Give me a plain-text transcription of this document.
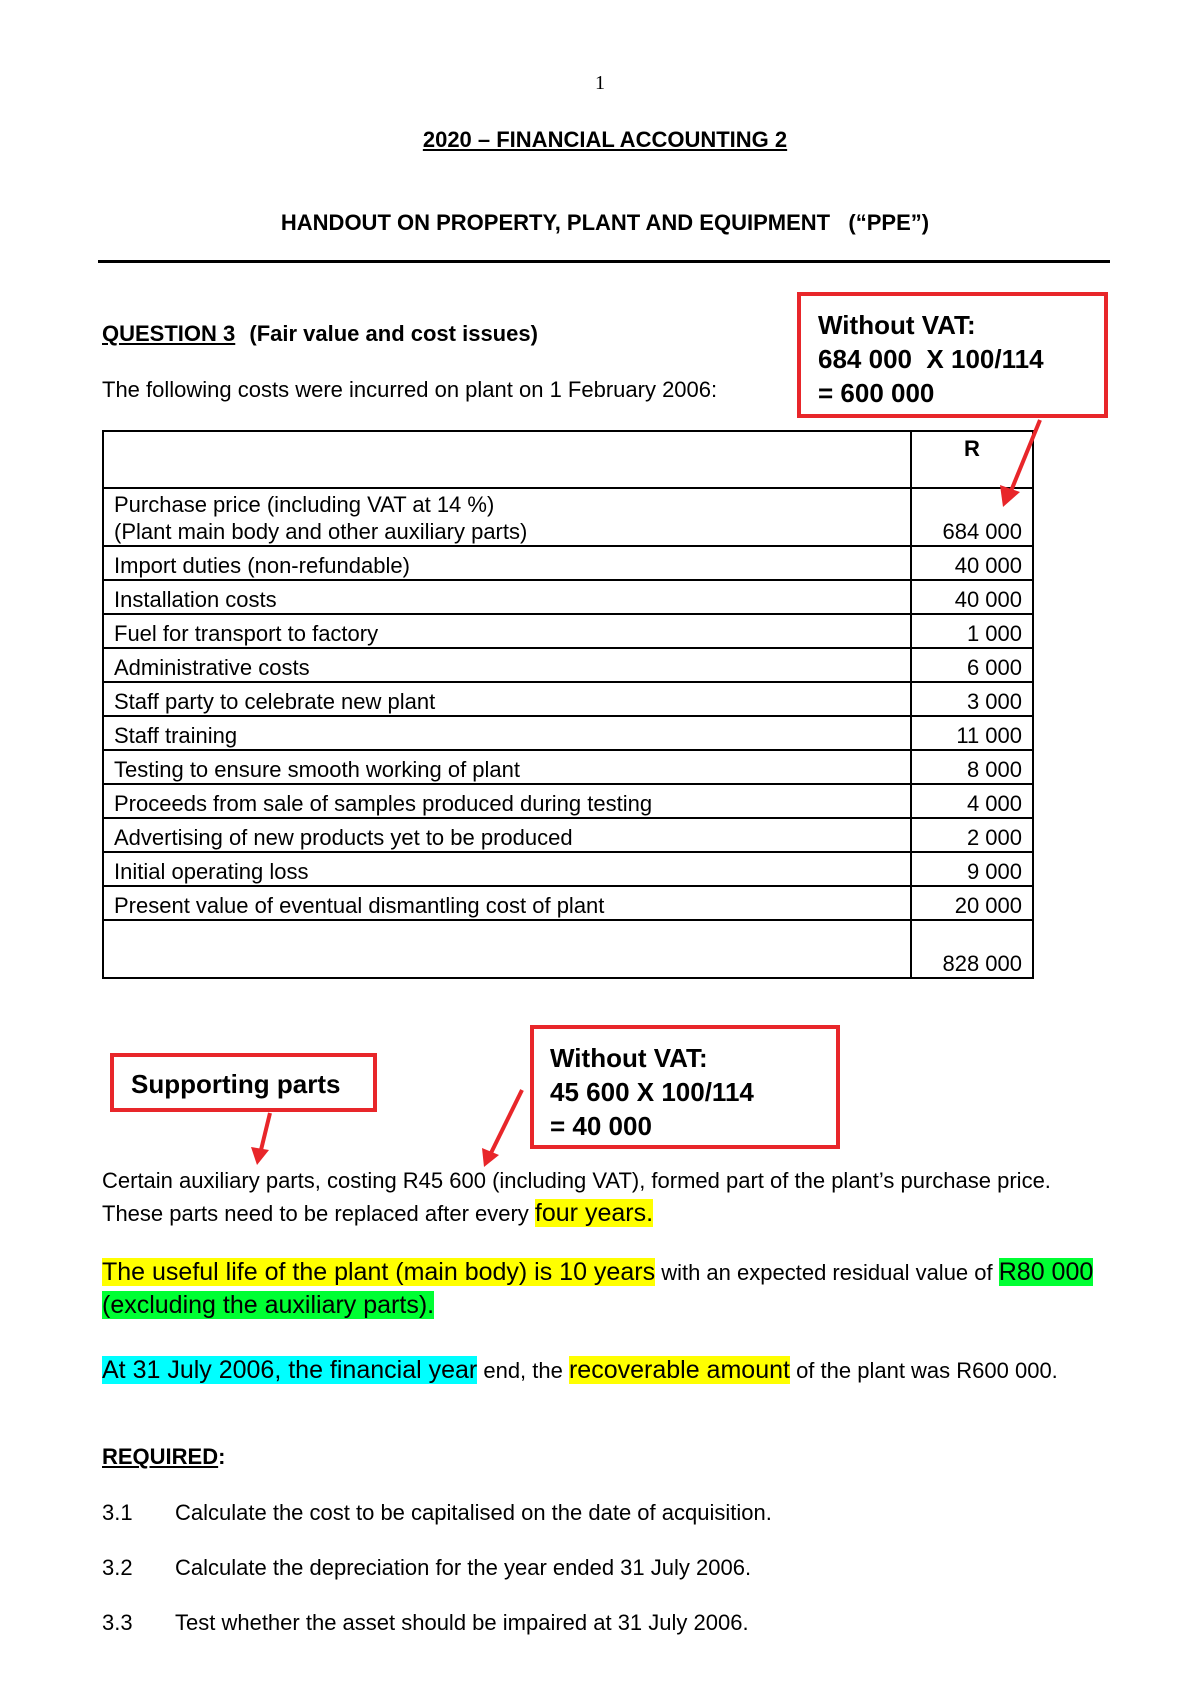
1
2020 – FINANCIAL ACCOUNTING 2
HANDOUT ON PROPERTY, PLANT AND EQUIPMENT   (“PPE”)
QUESTION 3 (Fair value and cost issues)
The following costs were incurred on plant on 1 February 2006:
	R

Purchase price (including VAT at 14 %)
(Plant main body and other auxiliary parts)	684 000

Import duties (non-refundable)	40 000

Installation costs	40 000

Fuel for transport to factory	1 000

Administrative costs	6 000

Staff party to celebrate new plant	3 000

Staff training	11 000

Testing to ensure smooth working of plant	8 000

Proceeds from sale of samples produced during testing	4 000

Advertising of new products yet to be produced	2 000

Initial operating loss	9 000

Present value of eventual dismantling cost of plant	20 000
	828 000
Without VAT:
684 000  X 100/114
= 600 000
Without VAT:
45 600 X 100/114
= 40 000
Supporting parts
Certain auxiliary parts, costing R45 600 (including VAT), formed part of the plant’s purchase price. These parts need to be replaced after every four years.
The useful life of the plant (main body) is 10 years with an expected residual value of R80 000 (excluding the auxiliary parts).
At 31 July 2006, the financial year end, the recoverable amount of the plant was R600 000.
REQUIRED:
3.1 Calculate the cost to be capitalised on the date of acquisition.
3.2 Calculate the depreciation for the year ended 31 July 2006.
3.3 Test whether the asset should be impaired at 31 July 2006.
